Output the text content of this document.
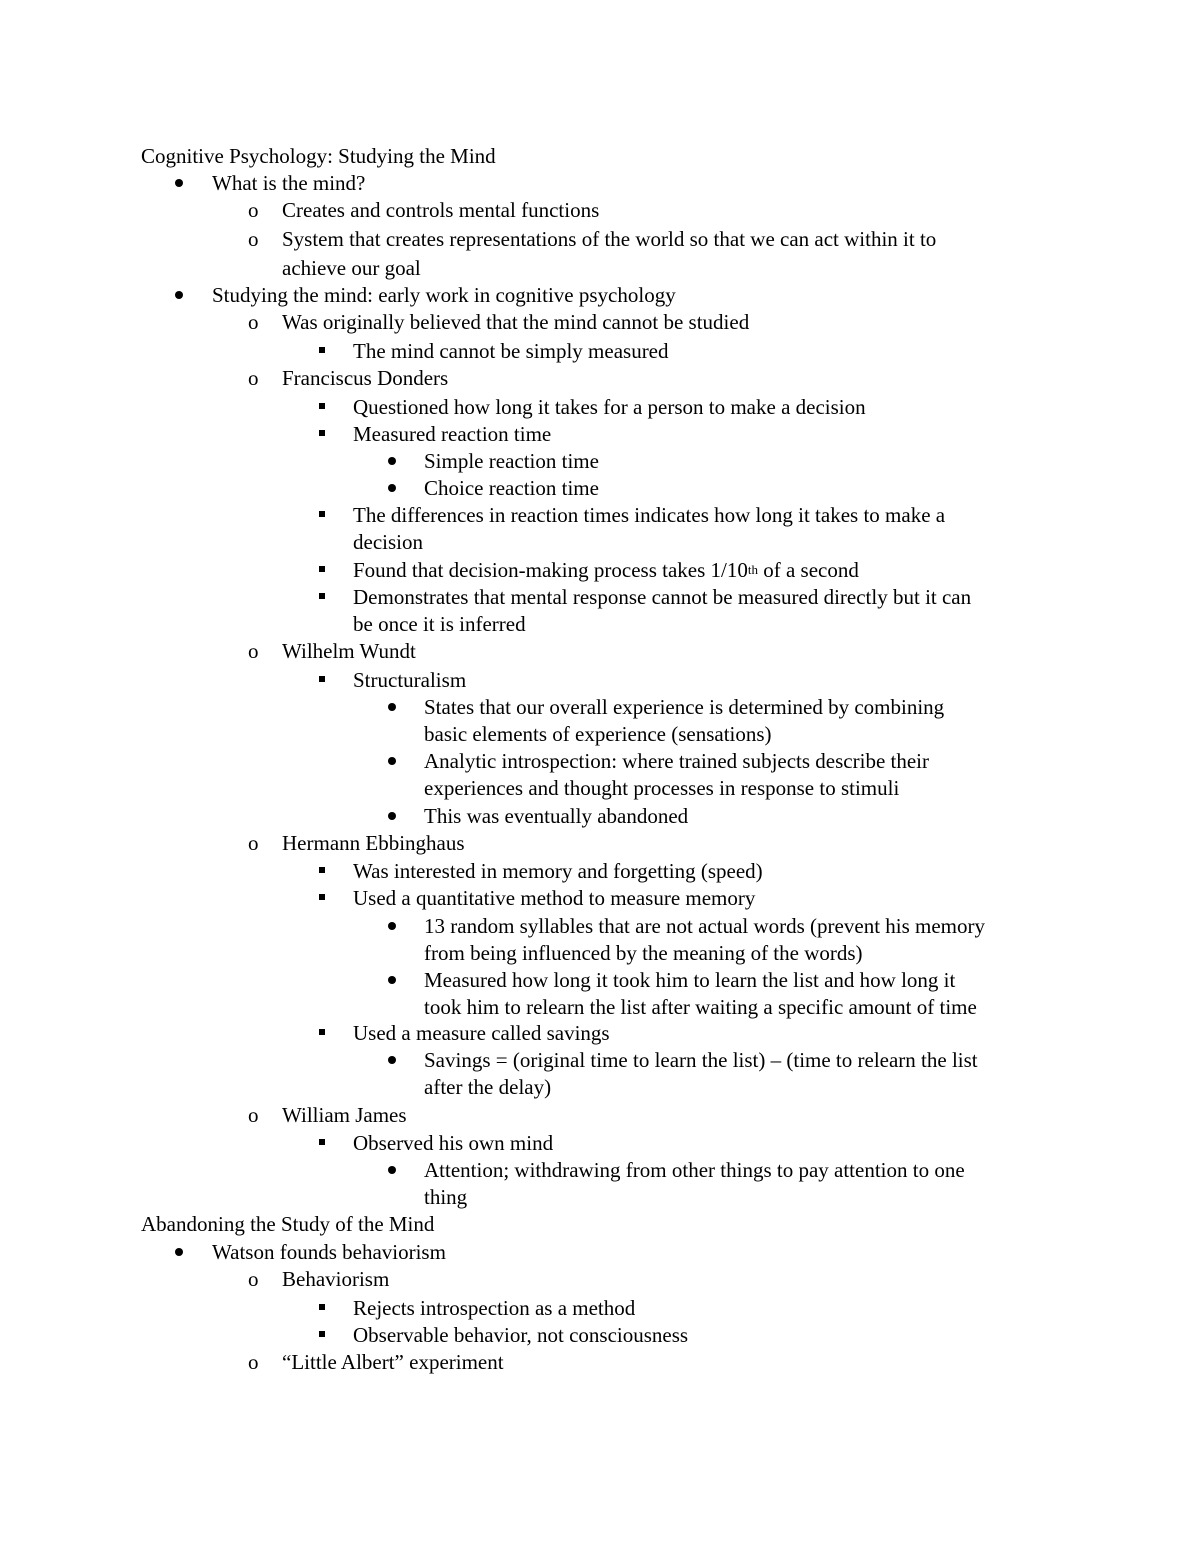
Cognitive Psychology: Studying the Mind
What is the mind?
o Creates and controls mental functions
o System that creates representations of the world so that we can act within it to
achieve our goal
Studying the mind: early work in cognitive psychology
o Was originally believed that the mind cannot be studied
The mind cannot be simply measured
o Franciscus Donders
Questioned how long it takes for a person to make a decision
Measured reaction time
Simple reaction time
Choice reaction time
The differences in reaction times indicates how long it takes to make a
decision
Found that decision-making process takes 1/10th of a second
Demonstrates that mental response cannot be measured directly but it can
be once it is inferred
o Wilhelm Wundt
Structuralism
States that our overall experience is determined by combining
basic elements of experience (sensations)
Analytic introspection: where trained subjects describe their
experiences and thought processes in response to stimuli
This was eventually abandoned
o Hermann Ebbinghaus
Was interested in memory and forgetting (speed)
Used a quantitative method to measure memory
13 random syllables that are not actual words (prevent his memory
from being influenced by the meaning of the words)
Measured how long it took him to learn the list and how long it
took him to relearn the list after waiting a specific amount of time
Used a measure called savings
Savings = (original time to learn the list) – (time to relearn the list
after the delay)
o William James
Observed his own mind
Attention; withdrawing from other things to pay attention to one
thing
Abandoning the Study of the Mind
Watson founds behaviorism
o Behaviorism
Rejects introspection as a method
Observable behavior, not consciousness
o “Little Albert” experiment
